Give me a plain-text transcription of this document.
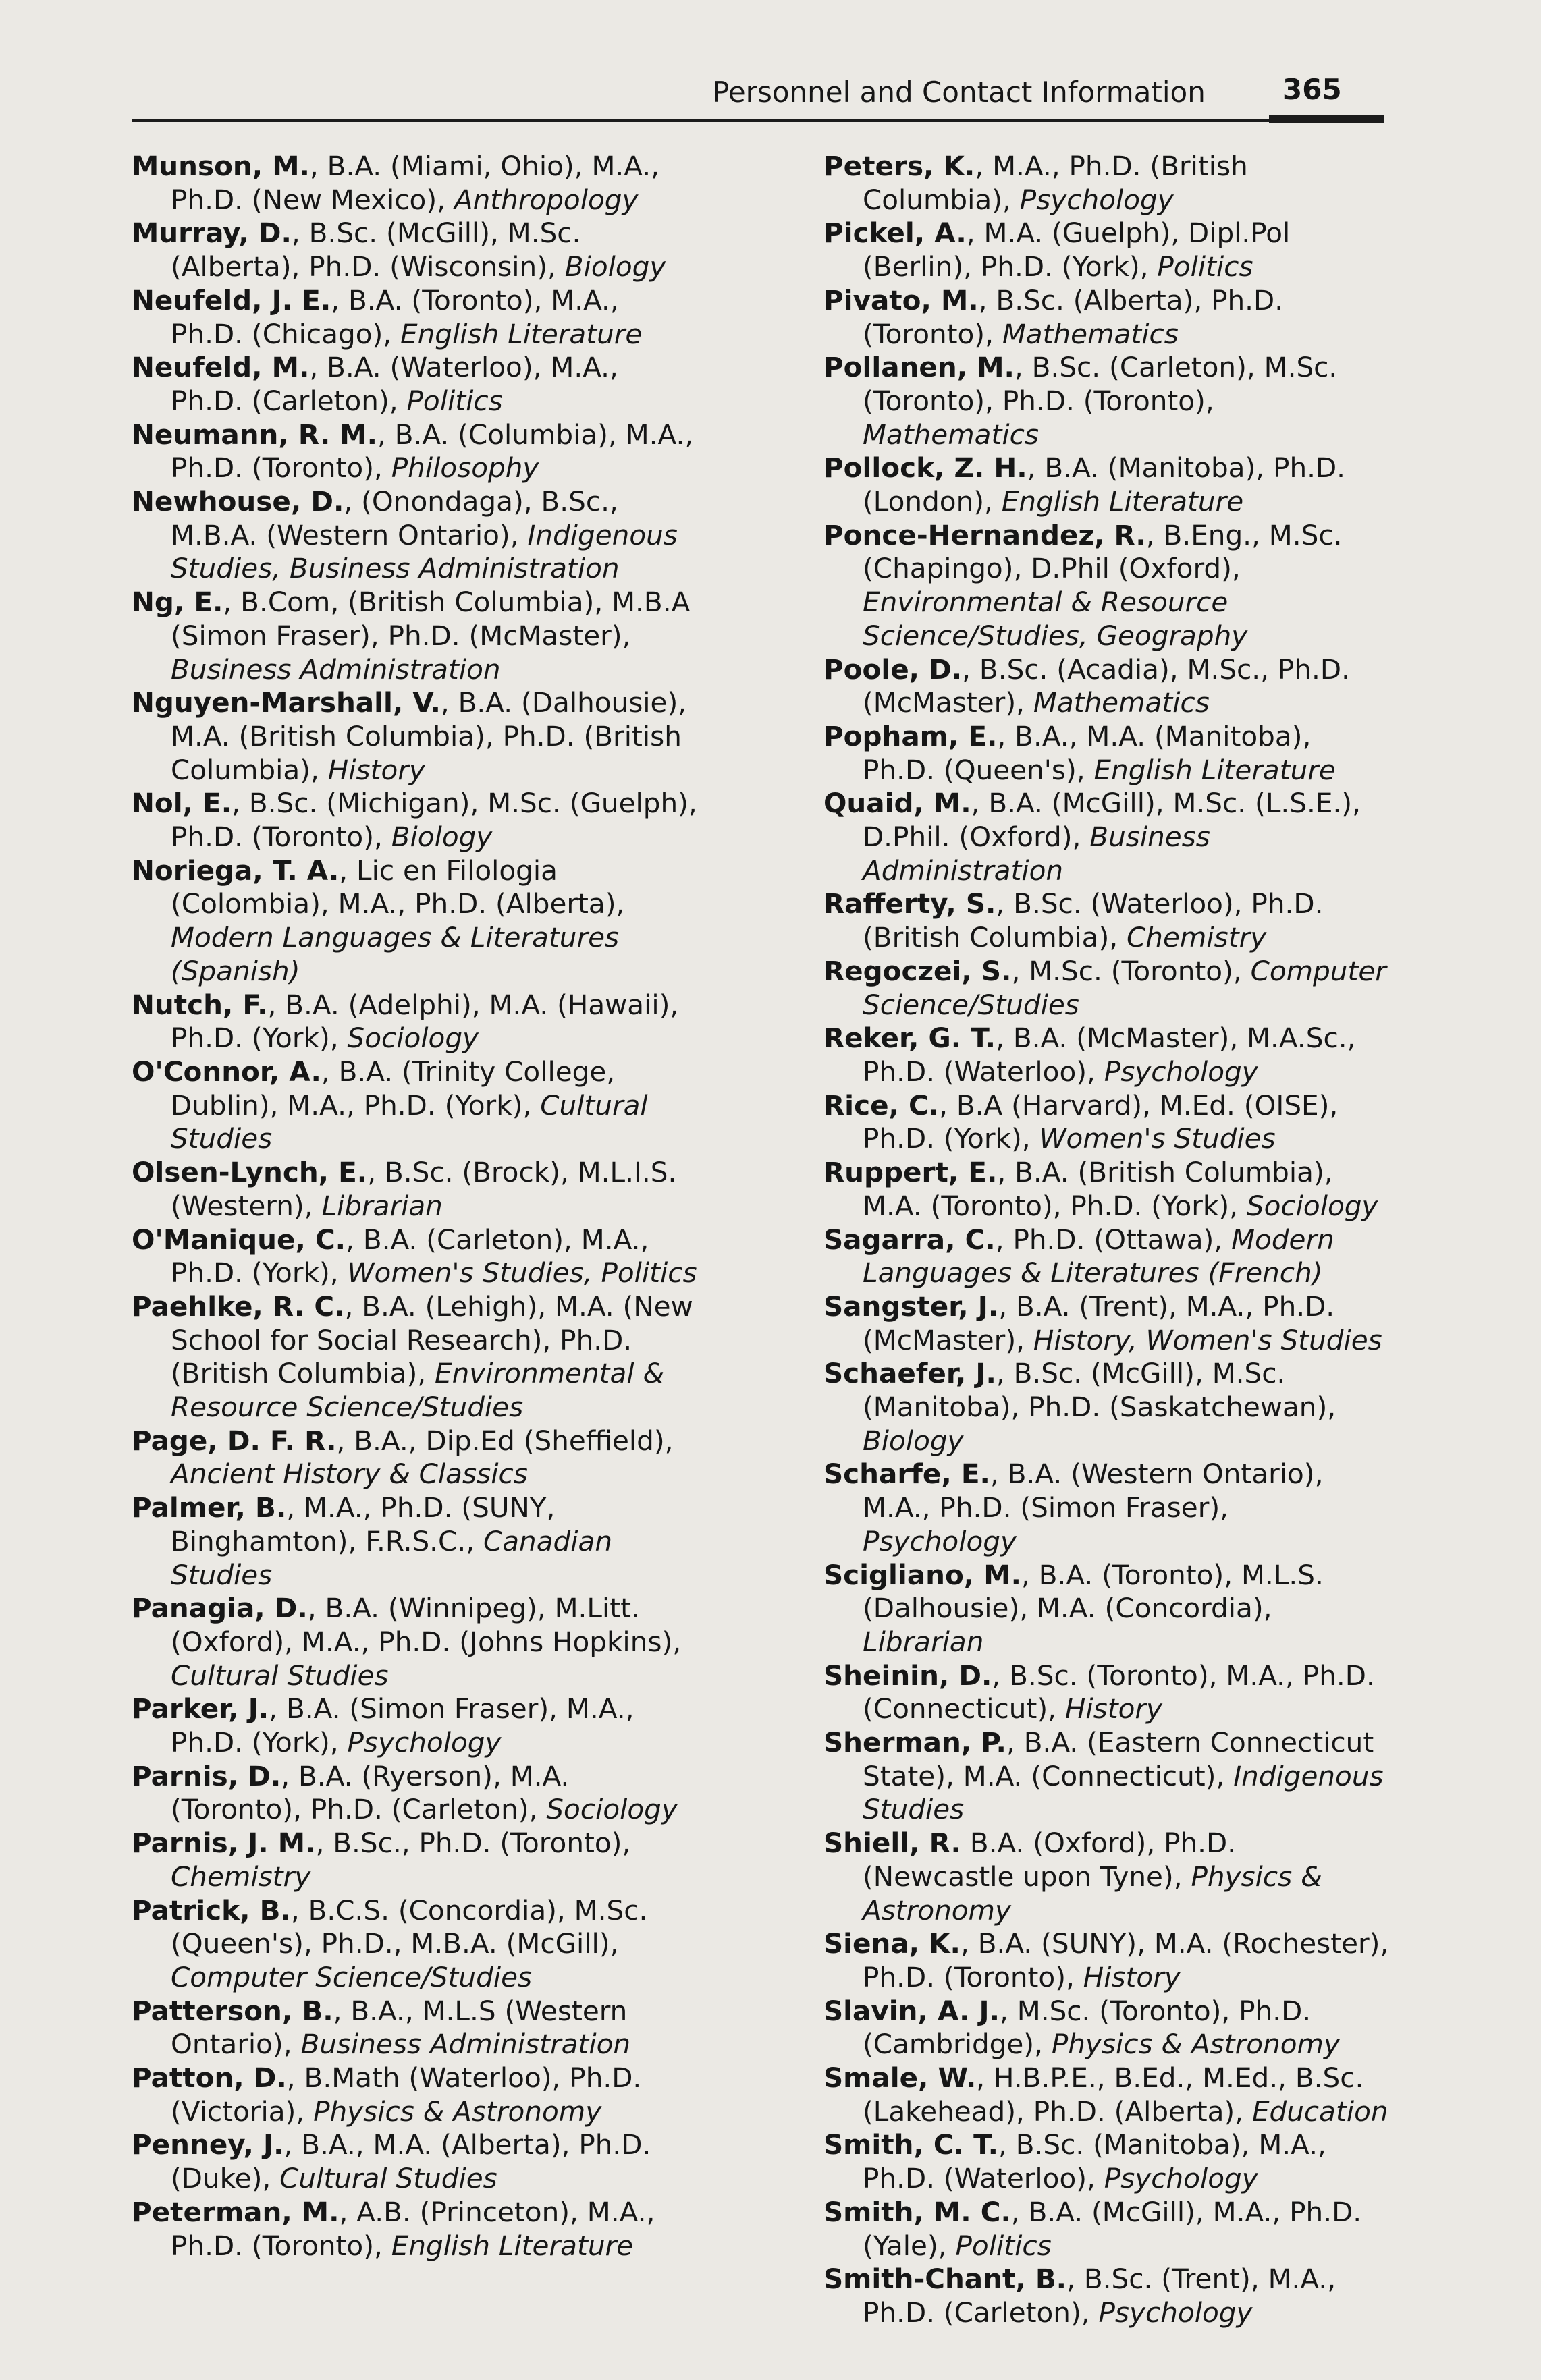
Personnel and Contact Information	365
Munson, M., B.A. (Miami, Ohio), M.A., Ph.D. (New Mexico), Anthropology
Murray, D., B.Sc. (McGill), M.Sc. (Alberta), Ph.D. (Wisconsin), Biology
Neufeld, J. E., B.A. (Toronto), M.A., Ph.D. (Chicago), English Literature
Neufeld, M., B.A. (Waterloo), M.A., Ph.D. (Carleton), Politics
Neumann, R. M., B.A. (Columbia), M.A., Ph.D. (Toronto), Philosophy
Newhouse, D., (Onondaga), B.Sc., M.B.A. (Western Ontario), Indigenous Studies, Business Administration
Ng, E., B.Com, (British Columbia), M.B.A (Simon Fraser), Ph.D. (McMaster), Business Administration
Nguyen-Marshall, V., B.A. (Dalhousie), M.A. (British Columbia), Ph.D. (British Columbia), History
Nol, E., B.Sc. (Michigan), M.Sc. (Guelph), Ph.D. (Toronto), Biology
Noriega, T. A., Lic en Filologia (Colombia), M.A., Ph.D. (Alberta), Modern Languages & Literatures (Spanish)
Nutch, F., B.A. (Adelphi), M.A. (Hawaii), Ph.D. (York), Sociology
O'Connor, A., B.A. (Trinity College, Dublin), M.A., Ph.D. (York), Cultural Studies
Olsen-Lynch, E., B.Sc. (Brock), M.L.I.S. (Western), Librarian
O'Manique, C., B.A. (Carleton), M.A., Ph.D. (York), Women's Studies, Politics
Paehlke, R. C., B.A. (Lehigh), M.A. (New School for Social Research), Ph.D. (British Columbia), Environmental & Resource Science/Studies
Page, D. F. R., B.A., Dip.Ed (Sheffield), Ancient History & Classics
Palmer, B., M.A., Ph.D. (SUNY, Binghamton), F.R.S.C., Canadian Studies
Panagia, D., B.A. (Winnipeg), M.Litt. (Oxford), M.A., Ph.D. (Johns Hopkins), Cultural Studies
Parker, J., B.A. (Simon Fraser), M.A., Ph.D. (York), Psychology
Parnis, D., B.A. (Ryerson), M.A. (Toronto), Ph.D. (Carleton), Sociology
Parnis, J. M., B.Sc., Ph.D. (Toronto), Chemistry
Patrick, B., B.C.S. (Concordia), M.Sc. (Queen's), Ph.D., M.B.A. (McGill), Computer Science/Studies
Patterson, B., B.A., M.L.S (Western Ontario), Business Administration
Patton, D., B.Math (Waterloo), Ph.D. (Victoria), Physics & Astronomy
Penney, J., B.A., M.A. (Alberta), Ph.D. (Duke), Cultural Studies
Peterman, M., A.B. (Princeton), M.A., Ph.D. (Toronto), English Literature
Peters, K., M.A., Ph.D. (British Columbia), Psychology
Pickel, A., M.A. (Guelph), Dipl.Pol (Berlin), Ph.D. (York), Politics
Pivato, M., B.Sc. (Alberta), Ph.D. (Toronto), Mathematics
Pollanen, M., B.Sc. (Carleton), M.Sc. (Toronto), Ph.D. (Toronto), Mathematics
Pollock, Z. H., B.A. (Manitoba), Ph.D. (London), English Literature
Ponce-Hernandez, R., B.Eng., M.Sc. (Chapingo), D.Phil (Oxford), Environmental & Resource Science/Studies, Geography
Poole, D., B.Sc. (Acadia), M.Sc., Ph.D. (McMaster), Mathematics
Popham, E., B.A., M.A. (Manitoba), Ph.D. (Queen's), English Literature
Quaid, M., B.A. (McGill), M.Sc. (L.S.E.), D.Phil. (Oxford), Business Administration
Rafferty, S., B.Sc. (Waterloo), Ph.D. (British Columbia), Chemistry
Regoczei, S., M.Sc. (Toronto), Computer Science/Studies
Reker, G. T., B.A. (McMaster), M.A.Sc., Ph.D. (Waterloo), Psychology
Rice, C., B.A (Harvard), M.Ed. (OISE), Ph.D. (York), Women's Studies
Ruppert, E., B.A. (British Columbia), M.A. (Toronto), Ph.D. (York), Sociology
Sagarra, C., Ph.D. (Ottawa), Modern Languages & Literatures (French)
Sangster, J., B.A. (Trent), M.A., Ph.D. (McMaster), History, Women's Studies
Schaefer, J., B.Sc. (McGill), M.Sc. (Manitoba), Ph.D. (Saskatchewan), Biology
Scharfe, E., B.A. (Western Ontario), M.A., Ph.D. (Simon Fraser), Psychology
Scigliano, M., B.A. (Toronto), M.L.S. (Dalhousie), M.A. (Concordia), Librarian
Sheinin, D., B.Sc. (Toronto), M.A., Ph.D. (Connecticut), History
Sherman, P., B.A. (Eastern Connecticut State), M.A. (Connecticut), Indigenous Studies
Shiell, R. B.A. (Oxford), Ph.D. (Newcastle upon Tyne), Physics & Astronomy
Siena, K., B.A. (SUNY), M.A. (Rochester), Ph.D. (Toronto), History
Slavin, A. J., M.Sc. (Toronto), Ph.D. (Cambridge), Physics & Astronomy
Smale, W., H.B.P.E., B.Ed., M.Ed., B.Sc. (Lakehead), Ph.D. (Alberta), Education
Smith, C. T., B.Sc. (Manitoba), M.A., Ph.D. (Waterloo), Psychology
Smith, M. C., B.A. (McGill), M.A., Ph.D. (Yale), Politics
Smith-Chant, B., B.Sc. (Trent), M.A., Ph.D. (Carleton), Psychology
